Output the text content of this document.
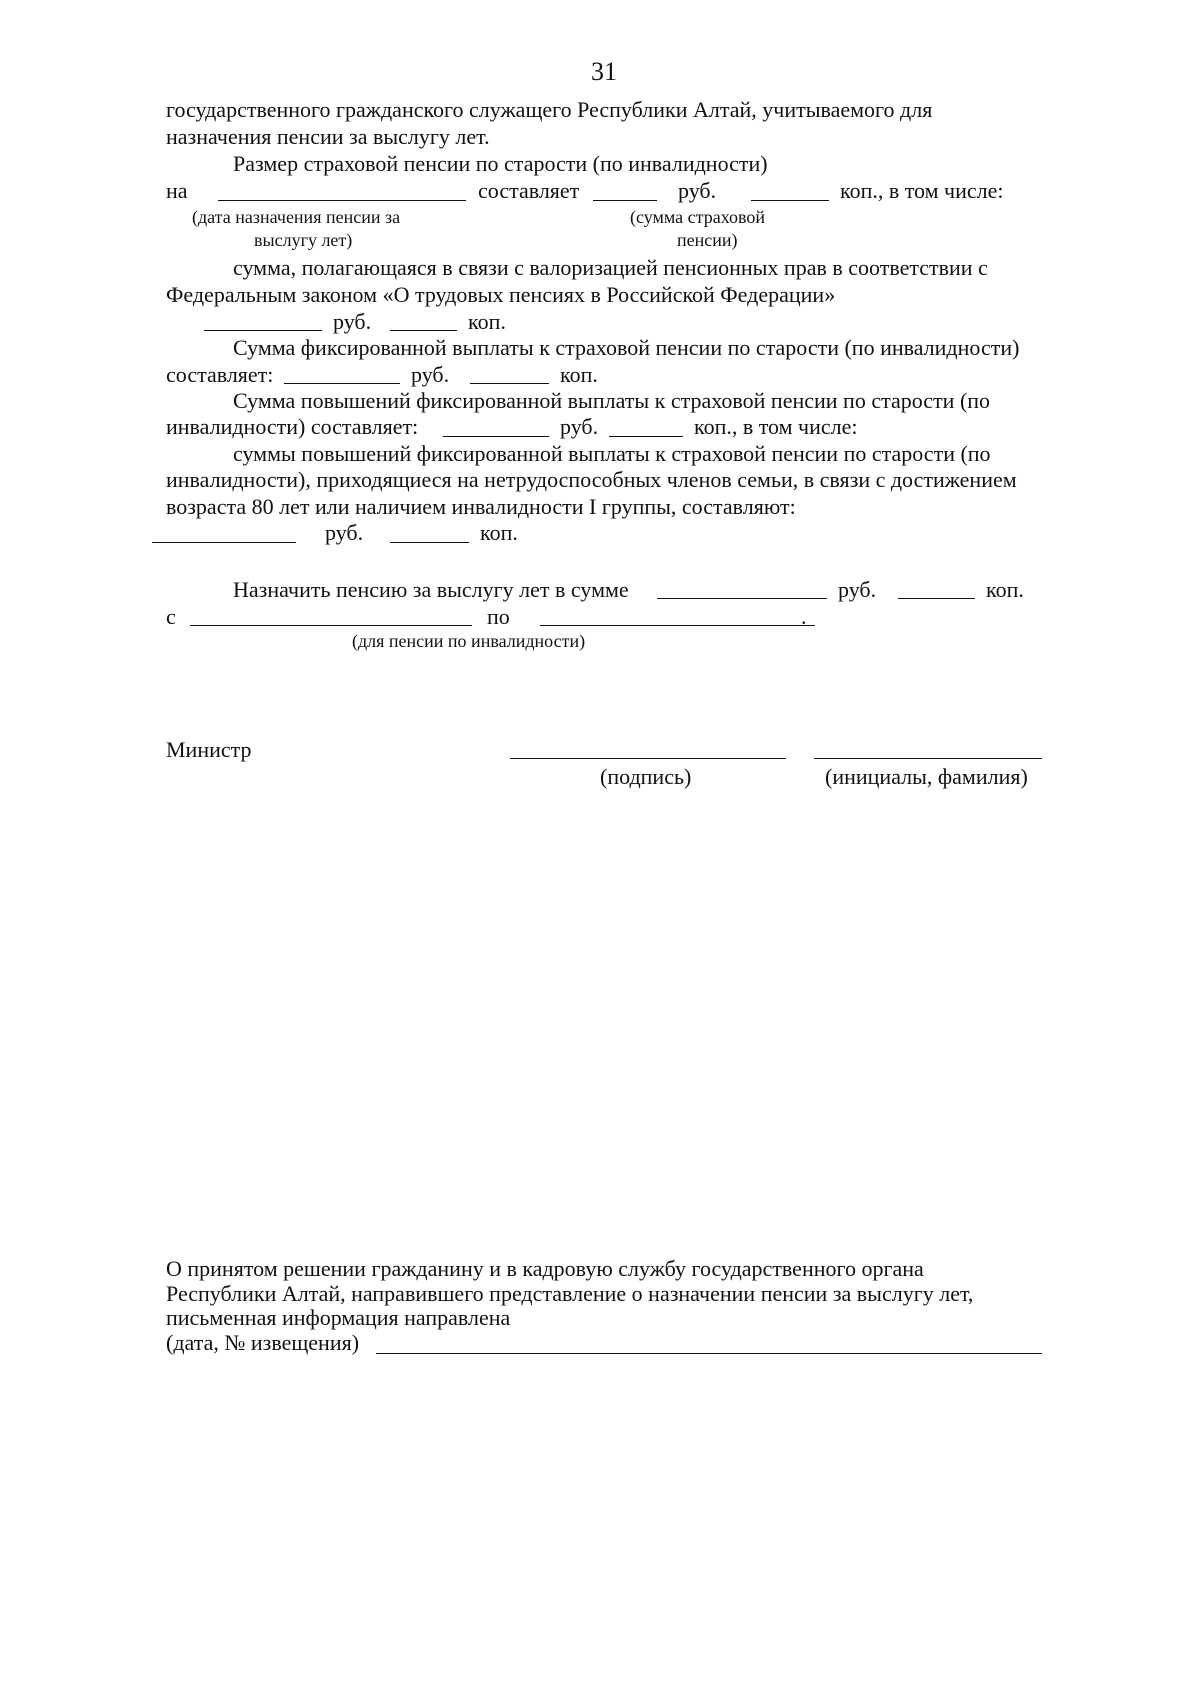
31
государственного гражданского служащего Республики Алтай, учитываемого для
назначения пенсии за выслугу лет.
Размер страховой пенсии по старости (по инвалидности)
на	составляет	руб.	коп., в том числе:
(дата назначения пенсии за
выслугу лет)
(сумма страховой
пенсии)
сумма, полагающаяся в связи с валоризацией пенсионных прав в соответствии с
Федеральным законом «О трудовых пенсиях в Российской Федерации»
руб.	коп.
Сумма фиксированной выплаты к страховой пенсии по старости (по инвалидности)
составляет:	руб.	коп.
Сумма повышений фиксированной выплаты к страховой пенсии по старости (по
инвалидности) составляет:	руб.	коп., в том числе:
суммы повышений фиксированной выплаты к страховой пенсии по старости (по
инвалидности), приходящиеся на нетрудоспособных членов семьи, в связи с достижением
возраста 80 лет или наличием инвалидности I группы, составляют:
руб.	коп.
Назначить пенсию за выслугу лет в сумме	руб.	коп.
с	по	.
(для пенсии по инвалидности)
Министр
(подпись)	(инициалы, фамилия)
О принятом решении гражданину и в кадровую службу государственного органа
Республики Алтай, направившего представление о назначении пенсии за выслугу лет,
письменная информация направлена
(дата, № извещения)
